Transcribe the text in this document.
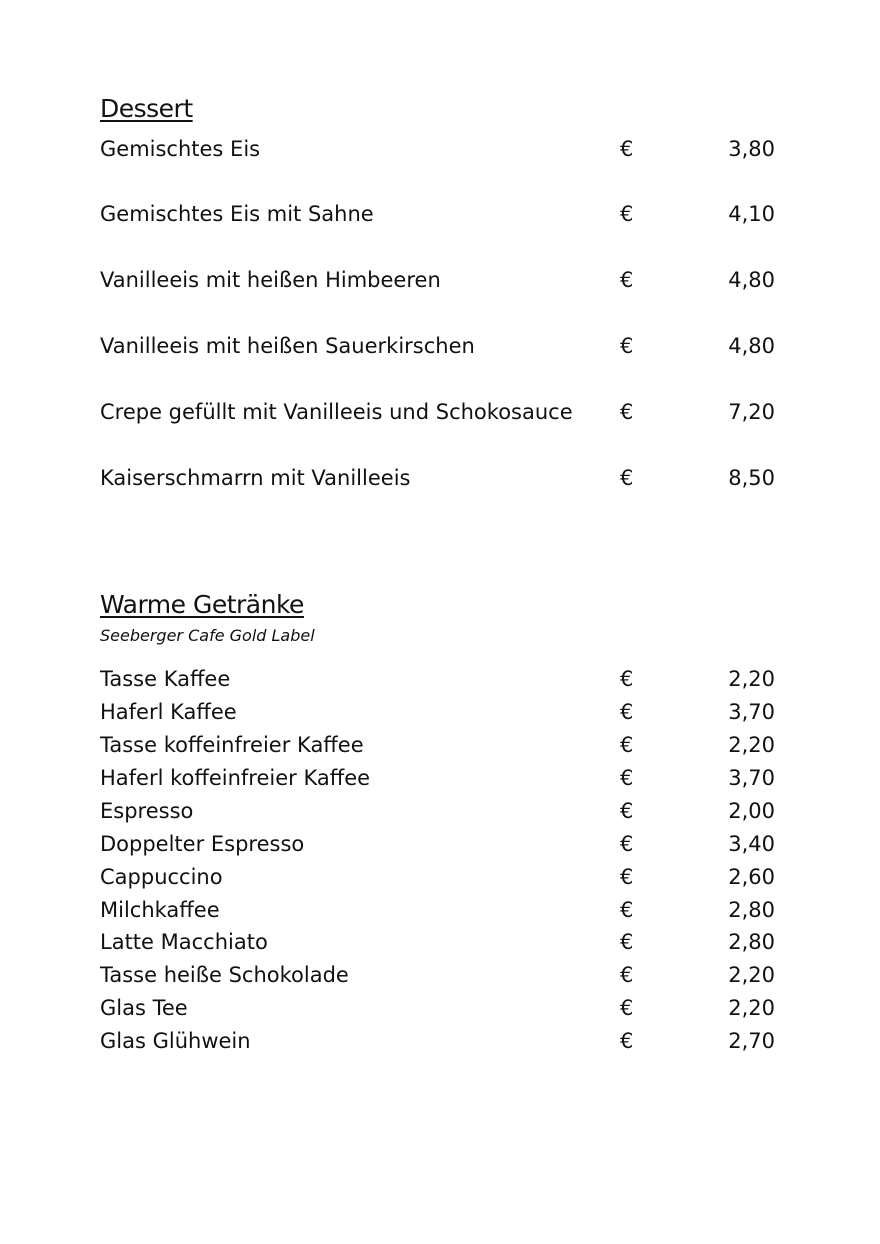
Dessert
Gemischtes Eis	€	3,80
Gemischtes Eis mit Sahne	€	4,10
Vanilleeis mit heißen Himbeeren	€	4,80
Vanilleeis mit heißen Sauerkirschen	€	4,80
Crepe gefüllt mit Vanilleeis und Schokosauce €	7,20
Kaiserschmarrn mit Vanilleeis	€	8,50
Warme Getränke
Seeberger Cafe Gold Label
Tasse Kaffee	€	2,20
Haferl Kaffee	€	3,70
Tasse koffeinfreier Kaffee	€	2,20
Haferl koffeinfreier Kaffee	€	3,70
Espresso	€	2,00
Doppelter Espresso	€	3,40
Cappuccino	€	2,60
Milchkaffee	€	2,80
Latte Macchiato	€	2,80
Tasse heiße Schokolade	€	2,20
Glas Tee	€	2,20
Glas Glühwein	€	2,70
